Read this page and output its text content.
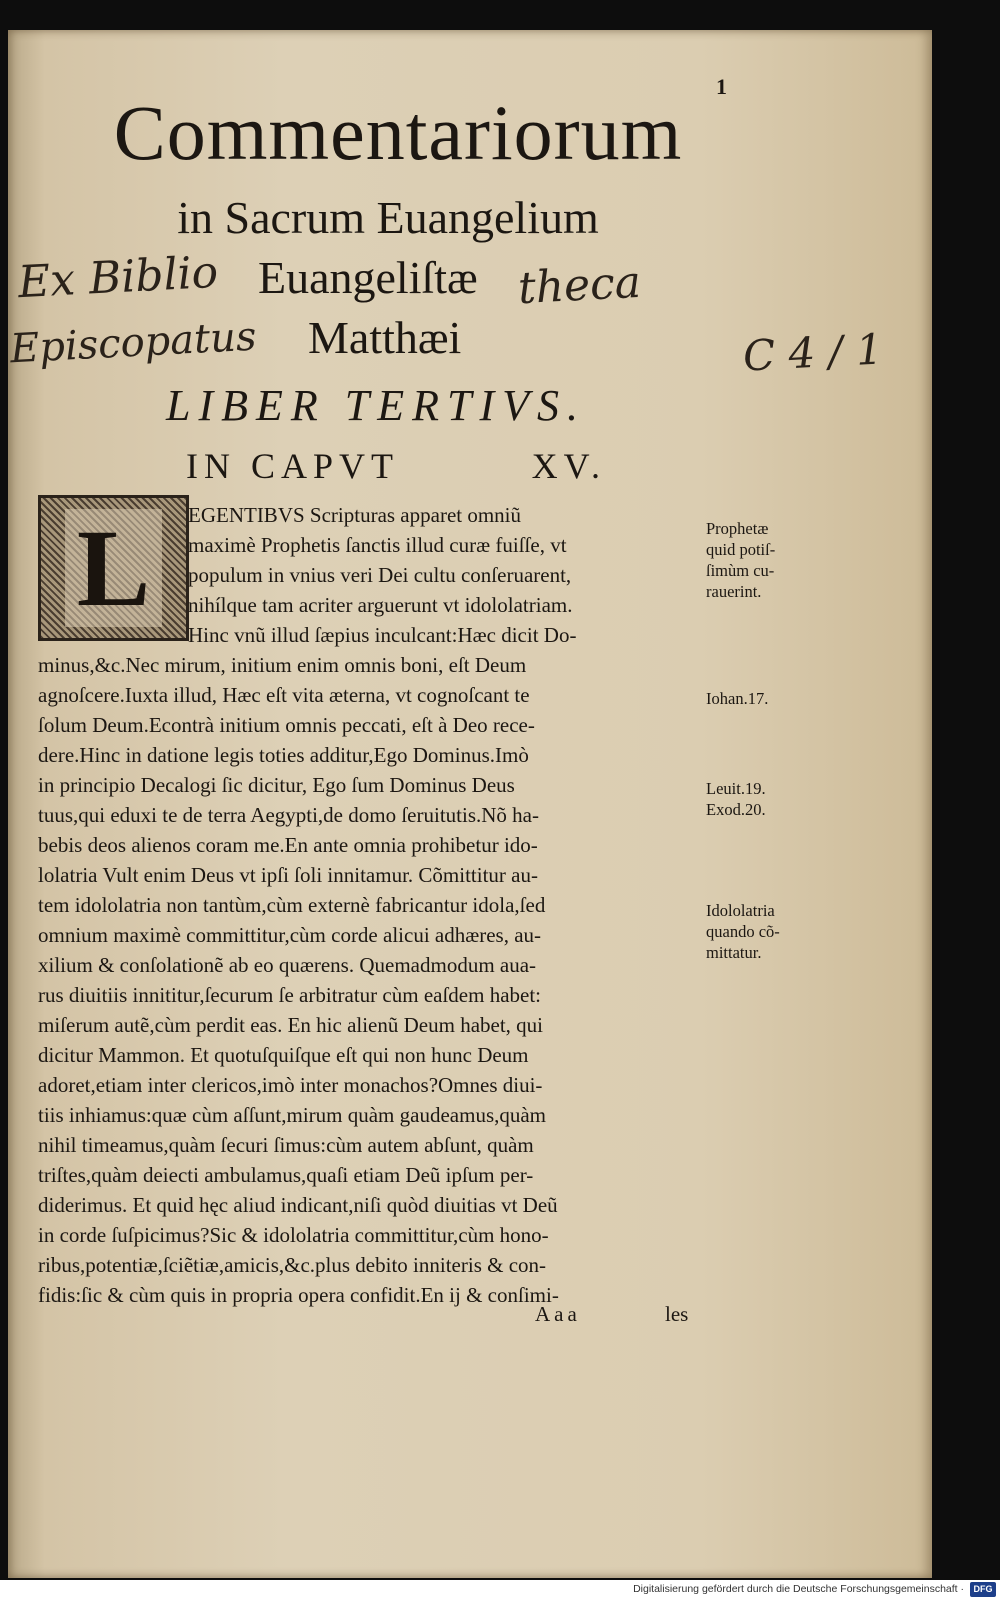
1
Commentariorum
in Sacrum Euangelium
Euangeliſtæ
Matthæi
Ex Biblio	theca
Episcopatus	C 4 / 1
LIBER TERTIVS.
IN CAPVT	XV.
L	EGENTIBVS Scripturas apparet omniũ
maximè Prophetis ſanctis illud curæ fuiſſe, vt
populum in vnius veri Dei cultu conſeruarent,
nihílque tam acriter arguerunt vt idololatriam.
Hinc vnũ illud ſæpius inculcant:Hæc dicit Do-
minus,&c.Nec mirum, initium enim omnis boni, eſt Deum
agnoſcere.Iuxta illud, Hæc eſt vita æterna, vt cognoſcant te
ſolum Deum.Econtrà initium omnis peccati, eſt à Deo rece-
dere.Hinc in datione legis toties additur,Ego Dominus.Imò
in principio Decalogi ſic dicitur, Ego ſum Dominus Deus
tuus,qui eduxi te de terra Aegypti,de domo ſeruitutis.Nõ ha-
bebis deos alienos coram me.En ante omnia prohibetur ido-
lolatria Vult enim Deus vt ipſi ſoli innitamur. Cõmittitur au-
tem idololatria non tantùm,cùm externè fabricantur idola,ſed
omnium maximè committitur,cùm corde alicui adhæres, au-
xilium & conſolationẽ ab eo quærens. Quemadmodum aua-
rus diuitiis innititur,ſecurum ſe arbitratur cùm eaſdem habet:
miſerum autẽ,cùm perdit eas. En hic alienũ Deum habet, qui
dicitur Mammon. Et quotuſquiſque eſt qui non hunc Deum
adoret,etiam inter clericos,imò inter monachos?Omnes diui-
tiis inhiamus:quæ cùm aſſunt,mirum quàm gaudeamus,quàm
nihil timeamus,quàm ſecuri ſimus:cùm autem abſunt, quàm
triſtes,quàm deiecti ambulamus,quaſi etiam Deũ ipſum per-
diderimus. Et quid hęc aliud indicant,niſi quòd diuitias vt Deũ
in corde ſuſpicimus?Sic & idololatria committitur,cùm hono-
ribus,potentiæ,ſciẽtiæ,amicis,&c.plus debito inniteris & con-
fidis:ſic & cùm quis in propria opera confidit.En ij & conſimi-
Prophetæ
quid potiſ-
ſimùm cu-
rauerint.
Iohan.17.
Leuit.19.
Exod.20.
Idololatria
quando cõ-
mittatur.
Aaa	les
Digitalisierung gefördert durch die Deutsche Forschungsgemeinschaft ·	DFG
